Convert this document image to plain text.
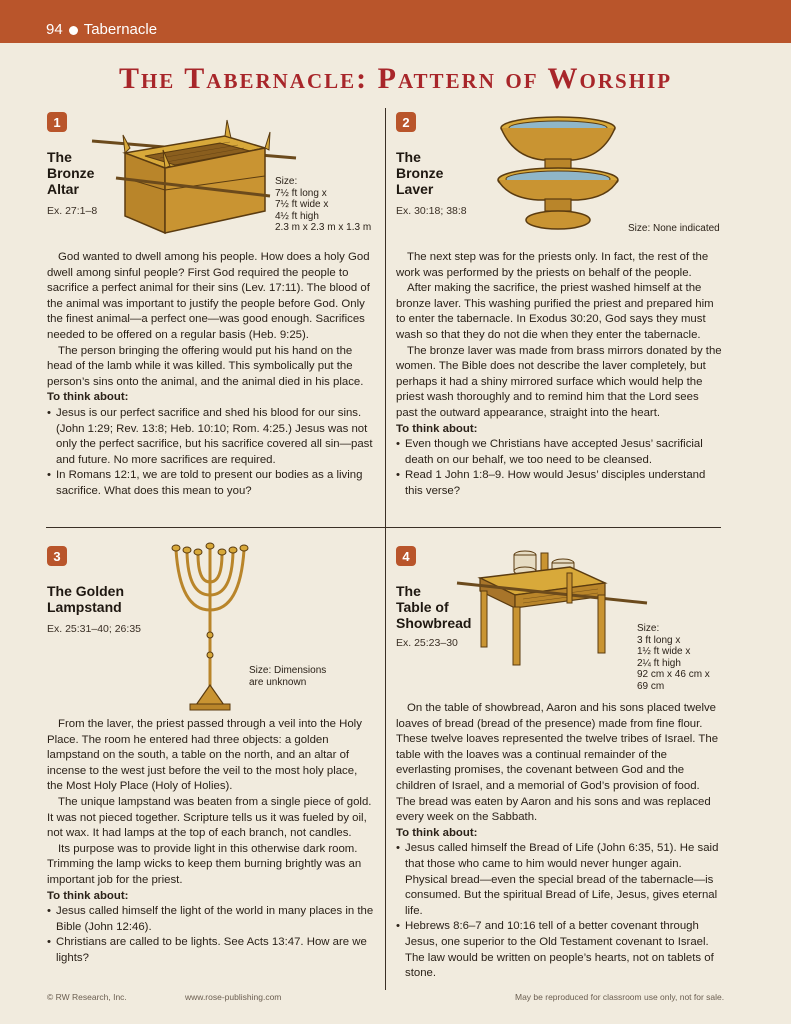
94 Tabernacle
The Tabernacle: Pattern of Worship
1
The
Bronze
Altar
Ex. 27:1–8
Size:
7½ ft long x
7½ ft wide x
4½ ft high
2.3 m x 2.3 m x 1.3 m

God wanted to dwell among his people. How does a holy God dwell among sinful people? First God required the people to sacrifice a perfect animal for their sins (Lev. 17:11). The blood of the animal was important to justify the people before God. Only the finest animal—a perfect one—was good enough. Sacrifices needed to be offered on a regular basis (Heb. 9:25).

The person bringing the offering would put his hand on the head of the lamb while it was killed. This symbolically put the person’s sins onto the animal, and the animal died in his place.

To think about:
• Jesus is our perfect sacrifice and shed his blood for our sins. (John 1:29; Rev. 13:8; Heb. 10:10; Rom. 4:25.) Jesus was not only the perfect sacrifice, but his sacrifice covered all sin—past and future. No more sacrifices are required.
• In Romans 12:1, we are told to present our bodies as a living sacrifice. What does this mean to you?
2
The
Bronze
Laver
Ex. 30:18; 38:8
Size: None indicated

The next step was for the priests only. In fact, the rest of the work was performed by the priests on behalf of the people.

After making the sacrifice, the priest washed himself at the bronze laver. This washing purified the priest and prepared him to enter the tabernacle. In Exodus 30:20, God says they must wash so that they do not die when they enter the tabernacle.

The bronze laver was made from brass mirrors donated by the women. The Bible does not describe the laver completely, but perhaps it had a shiny mirrored surface which would help the priest wash thoroughly and to remind him that the Lord sees past the outward appearance, straight into the heart.

To think about:
• Even though we Christians have accepted Jesus’ sacrificial death on our behalf, we too need to be cleansed.
• Read 1 John 1:8–9. How would Jesus’ disciples understand this verse?
3
The Golden
Lampstand
Ex. 25:31–40; 26:35
Size: Dimensions
are unknown

From the laver, the priest passed through a veil into the Holy Place. The room he entered had three objects: a golden lampstand on the south, a table on the north, and an altar of incense to the west just before the veil to the most holy place, the Most Holy Place (Holy of Holies).

The unique lampstand was beaten from a single piece of gold. It was not pieced together. Scripture tells us it was fueled by oil, not wax. It had lamps at the top of each branch, not candles.

Its purpose was to provide light in this otherwise dark room. Trimming the lamp wicks to keep them burning brightly was an important job for the priest.

To think about:
• Jesus called himself the light of the world in many places in the Bible (John 12:46).
• Christians are called to be lights. See Acts 13:47. How are we lights?
4
The
Table of
Showbread
Ex. 25:23–30
Size:
3 ft long x
1½ ft wide x
2¼ ft high
92 cm x 46 cm x
69 cm

On the table of showbread, Aaron and his sons placed twelve loaves of bread (bread of the presence) made from fine flour. These twelve loaves represented the twelve tribes of Israel. The table with the loaves was a continual remainder of the everlasting promises, the covenant between God and the children of Israel, and a memorial of God’s provision of food. The bread was eaten by Aaron and his sons and was replaced every week on the Sabbath.

To think about:
• Jesus called himself the Bread of Life (John 6:35, 51). He said that those who came to him would never hunger again. Physical bread—even the special bread of the tabernacle—is consumed. But the spiritual Bread of Life, Jesus, gives eternal life.
• Hebrews 8:6–7 and 10:16 tell of a better covenant through Jesus, one superior to the Old Testament covenant to Israel. The law would be written on people’s hearts, not on tablets of stone.
© RW Research, Inc.	www.rose-publishing.com	May be reproduced for classroom use only, not for sale.
